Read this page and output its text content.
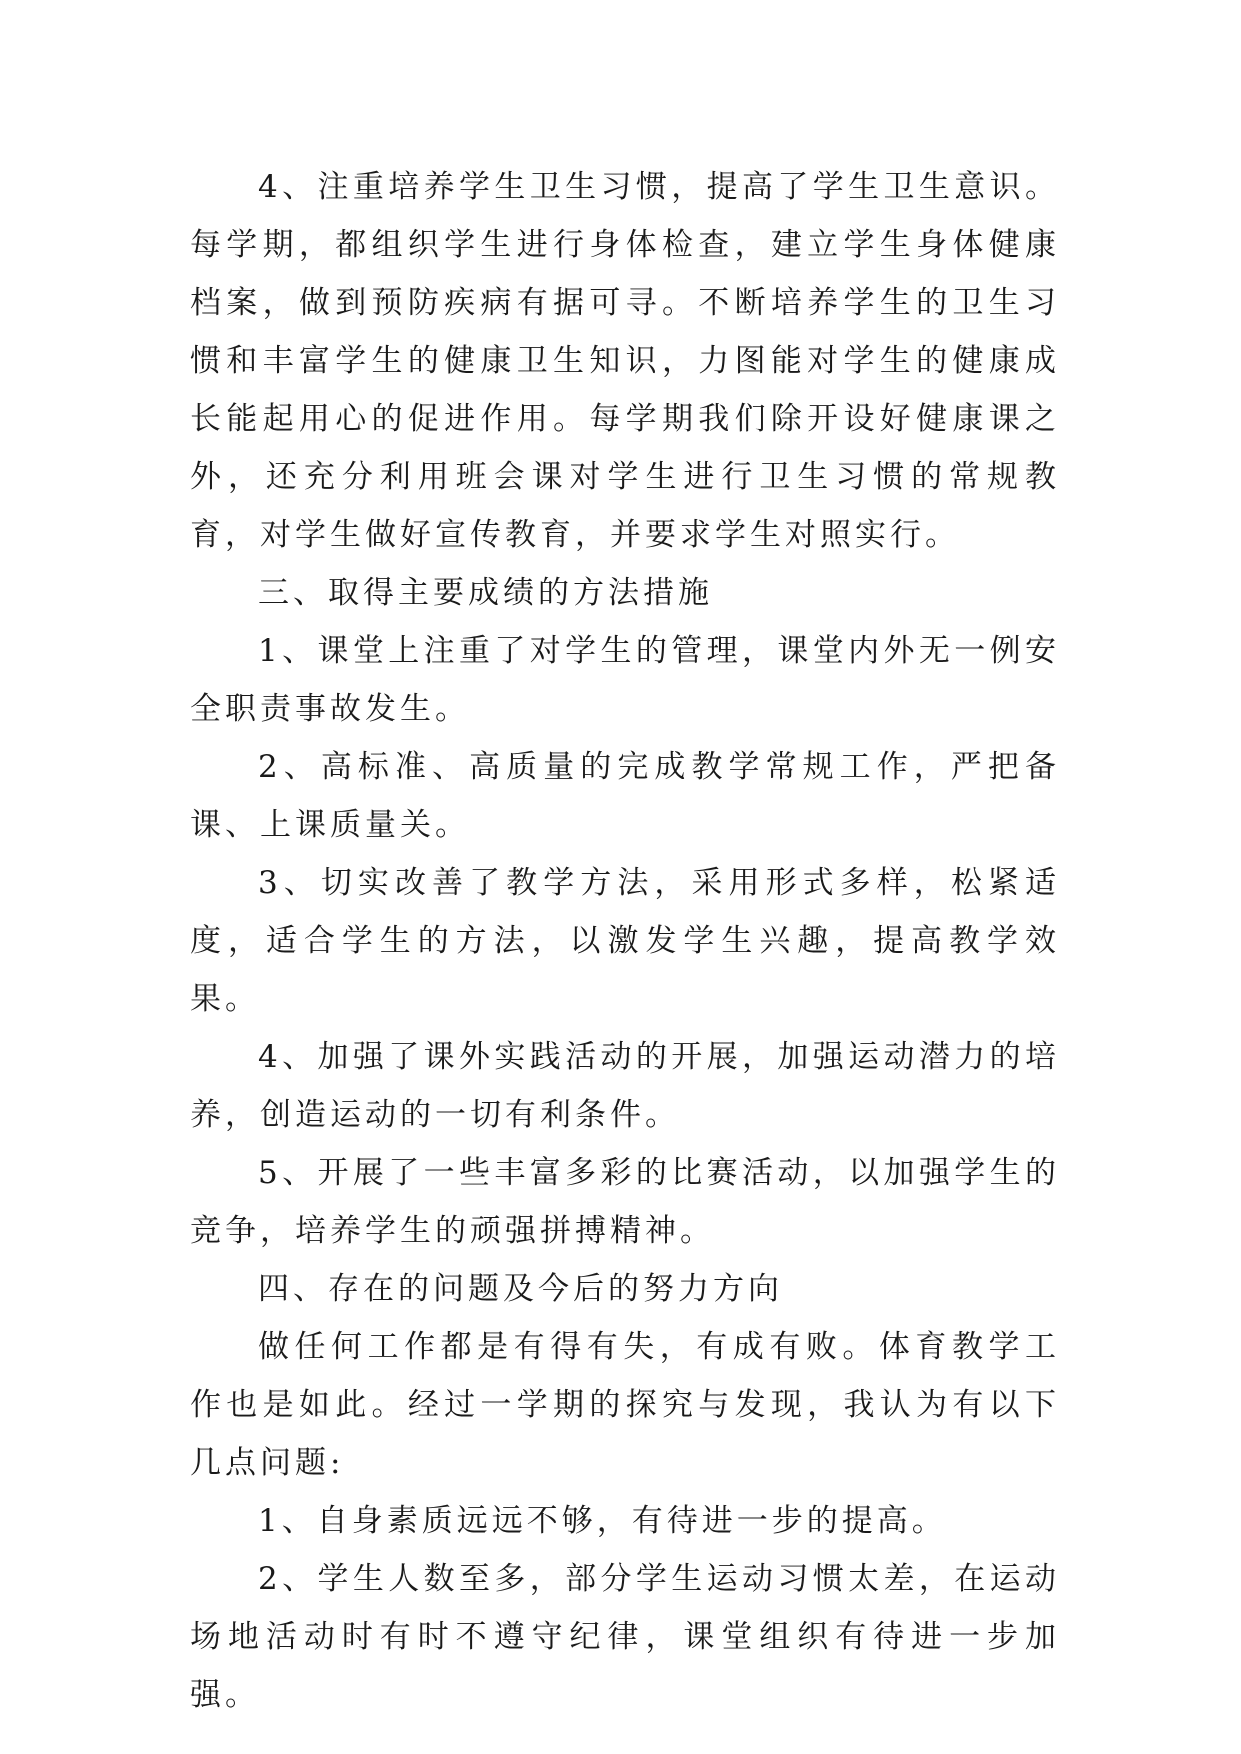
4、注重培养学生卫生习惯，提高了学生卫生意识。每学期，都组织学生进行身体检查，建立学生身体健康档案，做到预防疾病有据可寻。不断培养学生的卫生习惯和丰富学生的健康卫生知识，力图能对学生的健康成长能起用心的促进作用。每学期我们除开设好健康课之外，还充分利用班会课对学生进行卫生习惯的常规教育，对学生做好宣传教育，并要求学生对照实行。

三、取得主要成绩的方法措施

1、课堂上注重了对学生的管理，课堂内外无一例安全职责事故发生。

2、高标准、高质量的完成教学常规工作，严把备课、上课质量关。

3、切实改善了教学方法，采用形式多样，松紧适度，适合学生的方法，以激发学生兴趣，提高教学效果。

4、加强了课外实践活动的开展，加强运动潜力的培养，创造运动的一切有利条件。

5、开展了一些丰富多彩的比赛活动，以加强学生的竞争，培养学生的顽强拼搏精神。

四、存在的问题及今后的努力方向

做任何工作都是有得有失，有成有败。体育教学工作也是如此。经过一学期的探究与发现，我认为有以下几点问题:

1、自身素质远远不够，有待进一步的提高。

2、学生人数至多，部分学生运动习惯太差，在运动场地活动时有时不遵守纪律，课堂组织有待进一步加强。
